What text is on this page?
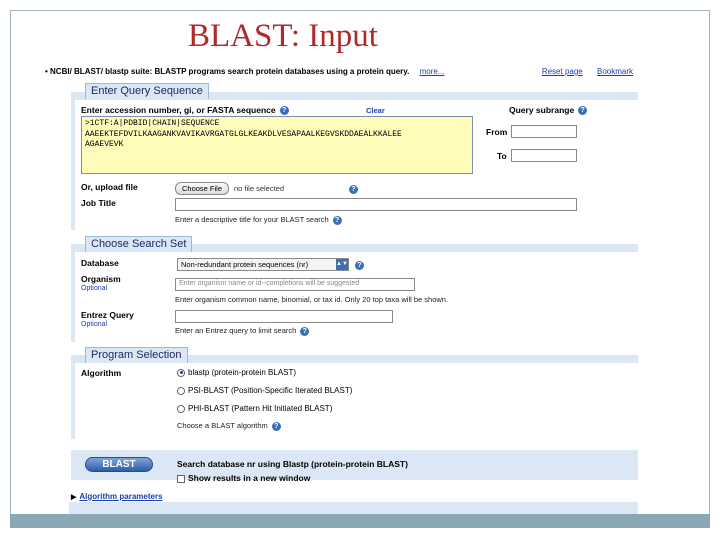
BLAST: Input
• NCBI/ BLAST/ blastp suite: BLASTP programs search protein databases using a protein query. more...	Reset page Bookmark
Enter Query Sequence
Enter accession number, gi, or FASTA sequence ?	Clear	Query subrange ?
>1CTF:A|PDBID|CHAIN|SEQUENCE
AAEEKTEFDVILKAAGANKVAVIKAVRGATGLGLKEAKDLVESAPAALKEGVSKDDAEALKKALEE
AGAEVEVK
From
To
Or, upload file	Choose File	no file selected	?
Job Title
Enter a descriptive title for your BLAST search ?
Choose Search Set
Database	Non-redundant protein sequences (nr)	▲▼	?
Organism
Optional
Enter organism name or id--completions will be suggested
Enter organism common name, binomial, or tax id. Only 20 top taxa will be shown.
Entrez Query
Optional
Enter an Entrez query to limit search ?
Program Selection
Algorithm	blastp (protein-protein BLAST)
PSI-BLAST (Position-Specific Iterated BLAST)
PHI-BLAST (Pattern Hit Initiated BLAST)
Choose a BLAST algorithm ?
BLAST	Search database nr using Blastp (protein-protein BLAST)
Show results in a new window
▶ Algorithm parameters
